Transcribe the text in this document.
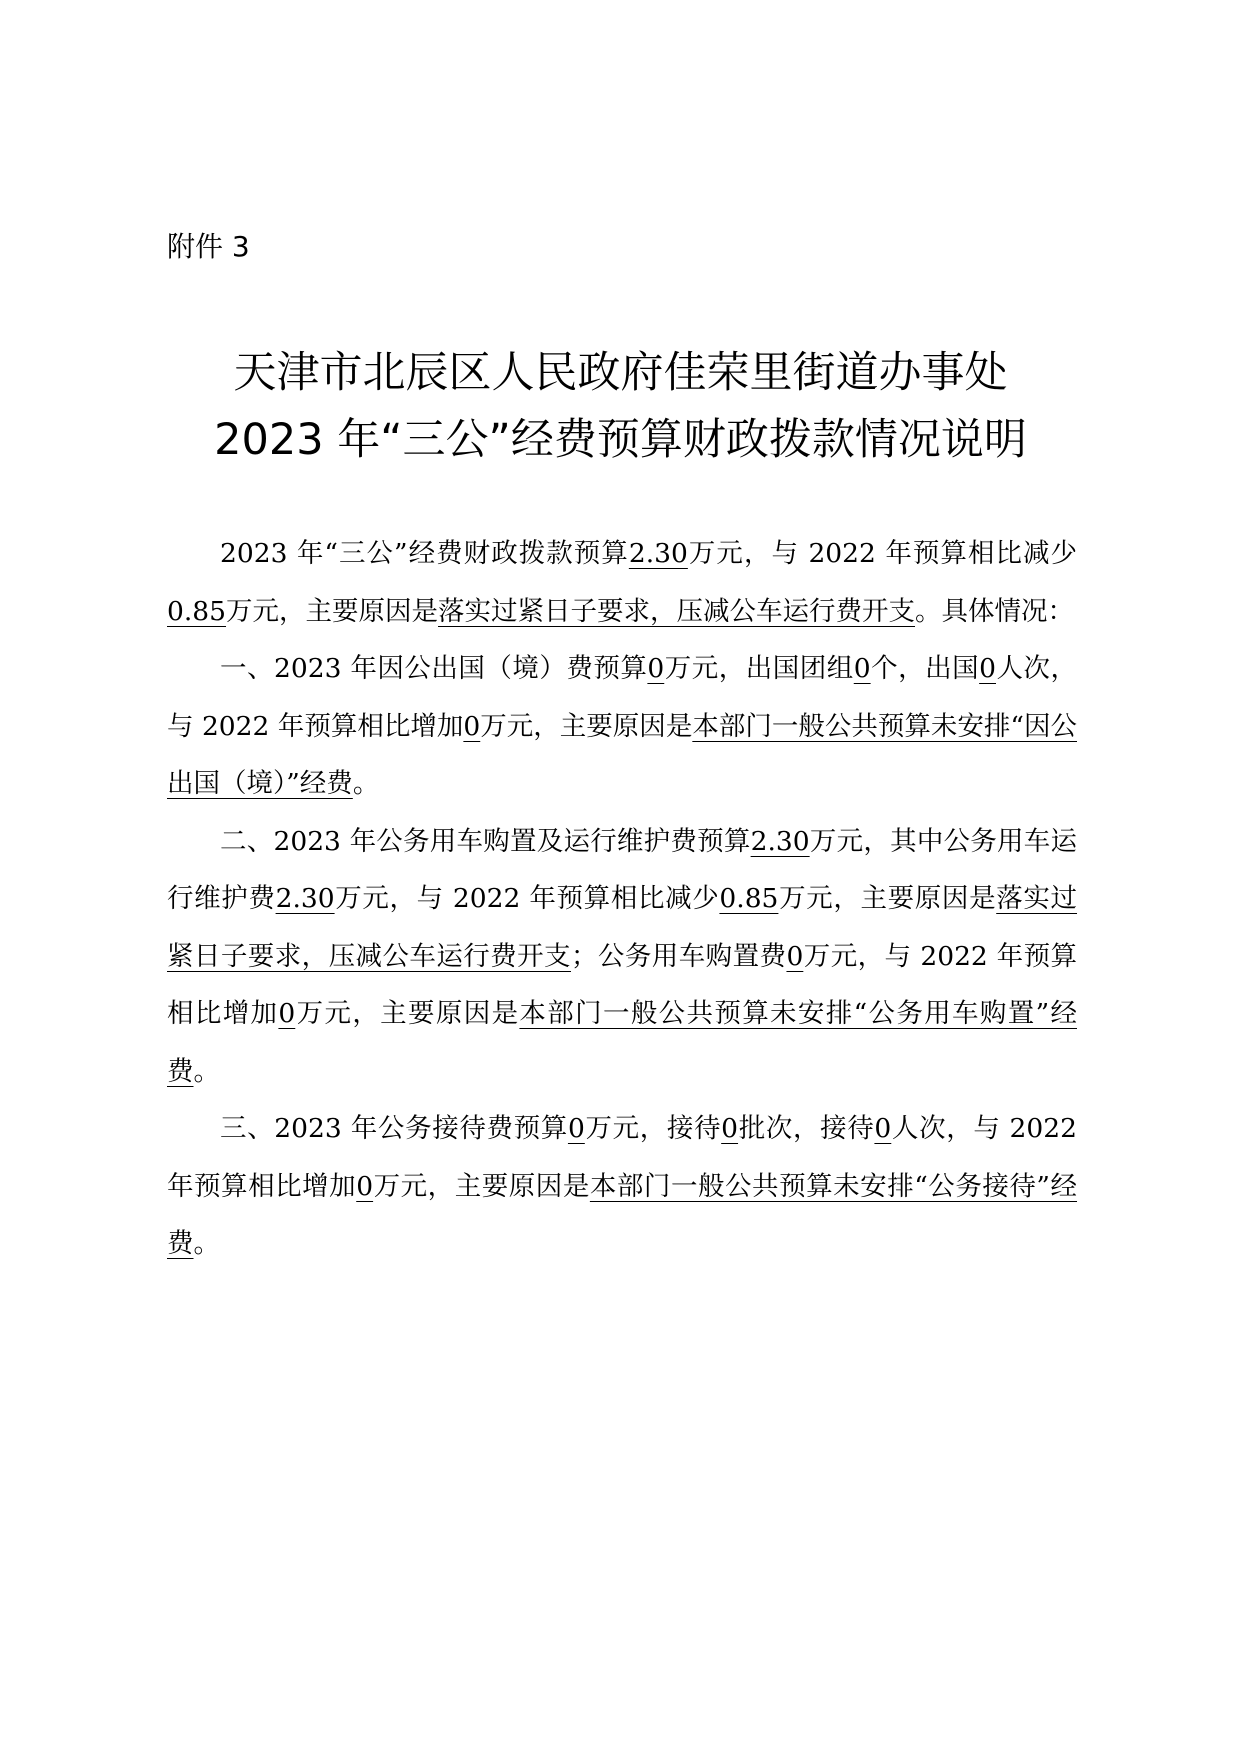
附件 3
天津市北辰区人民政府佳荣里街道办事处
2023 年“三公”经费预算财政拨款情况说明

2023 年“三公”经费财政拨款预算2.30万元，与 2022 年预算相比减少0.85万元，主要原因是落实过紧日子要求，压减公车运行费开支。具体情况：

一、2023 年因公出国（境）费预算0万元，出国团组0个，出国0人次，与 2022 年预算相比增加0万元，主要原因是本部门一般公共预算未安排“因公出国（境）”经费。

二、2023 年公务用车购置及运行维护费预算2.30万元，其中公务用车运行维护费2.30万元，与 2022 年预算相比减少0.85万元，主要原因是落实过紧日子要求，压减公车运行费开支；公务用车购置费0万元，与 2022 年预算相比增加0万元，主要原因是本部门一般公共预算未安排“公务用车购置”经费。

三、2023 年公务接待费预算0万元，接待0批次，接待0人次，与 2022 年预算相比增加0万元，主要原因是本部门一般公共预算未安排“公务接待”经费。
